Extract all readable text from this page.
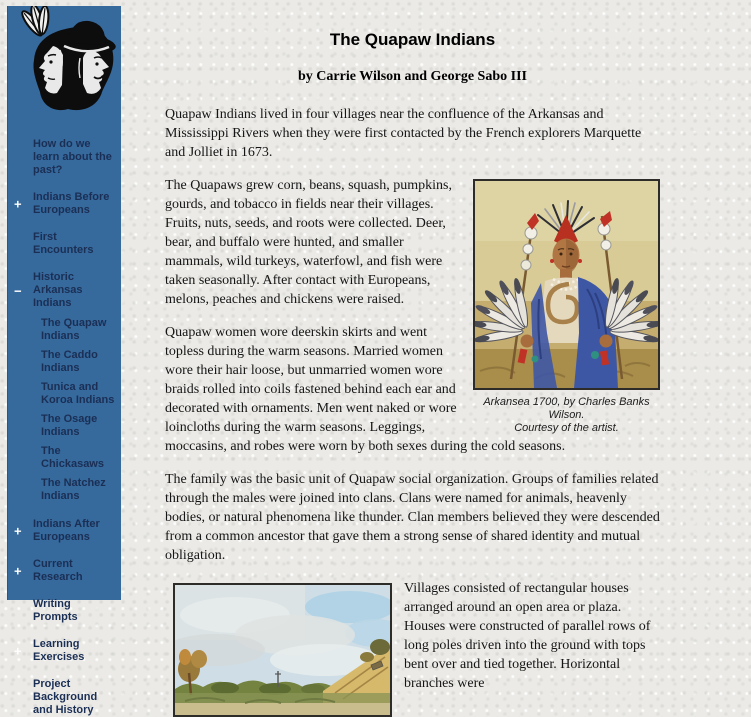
How do we learn about the past?
+ Indians Before Europeans
First Encounters
−
Historic Arkansas Indians
The Quapaw Indians
The Caddo Indians
Tunica and Koroa Indians
The Osage Indians
The Chickasaws
The Natchez Indians
+ Indians After Europeans
+ Current Research
Writing Prompts
+ Learning Exercises
Project Background and History
The Quapaw Indians
by Carrie Wilson and George Sabo III

Quapaw Indians lived in four villages near the confluence of the Arkansas and Mississippi Rivers when they were first contacted by the French explorers Marquette and Jolliet in 1673.

Arkansea 1700, by Charles Banks Wilson.
Courtesy of the artist.

The Quapaws grew corn, beans, squash, pumpkins, gourds, and tobacco in fields near their villages. Fruits, nuts, seeds, and roots were collected. Deer, bear, and buffalo were hunted, and smaller mammals, wild turkeys, waterfowl, and fish were taken seasonally. After contact with Europeans, melons, peaches and chickens were raised.

Quapaw women wore deerskin skirts and went topless during the warm seasons. Married women wore their hair loose, but unmarried women wore braids rolled into coils fastened behind each ear and decorated with ornaments. Men went naked or wore loincloths during the warm seasons. Leggings, moccasins, and robes were worn by both sexes during the cold seasons.

The family was the basic unit of Quapaw social organization. Groups of families related through the males were joined into clans. Clans were named for animals, heavenly bodies, or natural phenomena like thunder. Clan members believed they were descended from a common ancestor that gave them a strong sense of shared identity and mutual obligation.

Villages consisted of rectangular houses arranged around an open area or plaza. Houses were constructed of parallel rows of long poles driven into the ground with tops bent over and tied together. Horizontal branches were
